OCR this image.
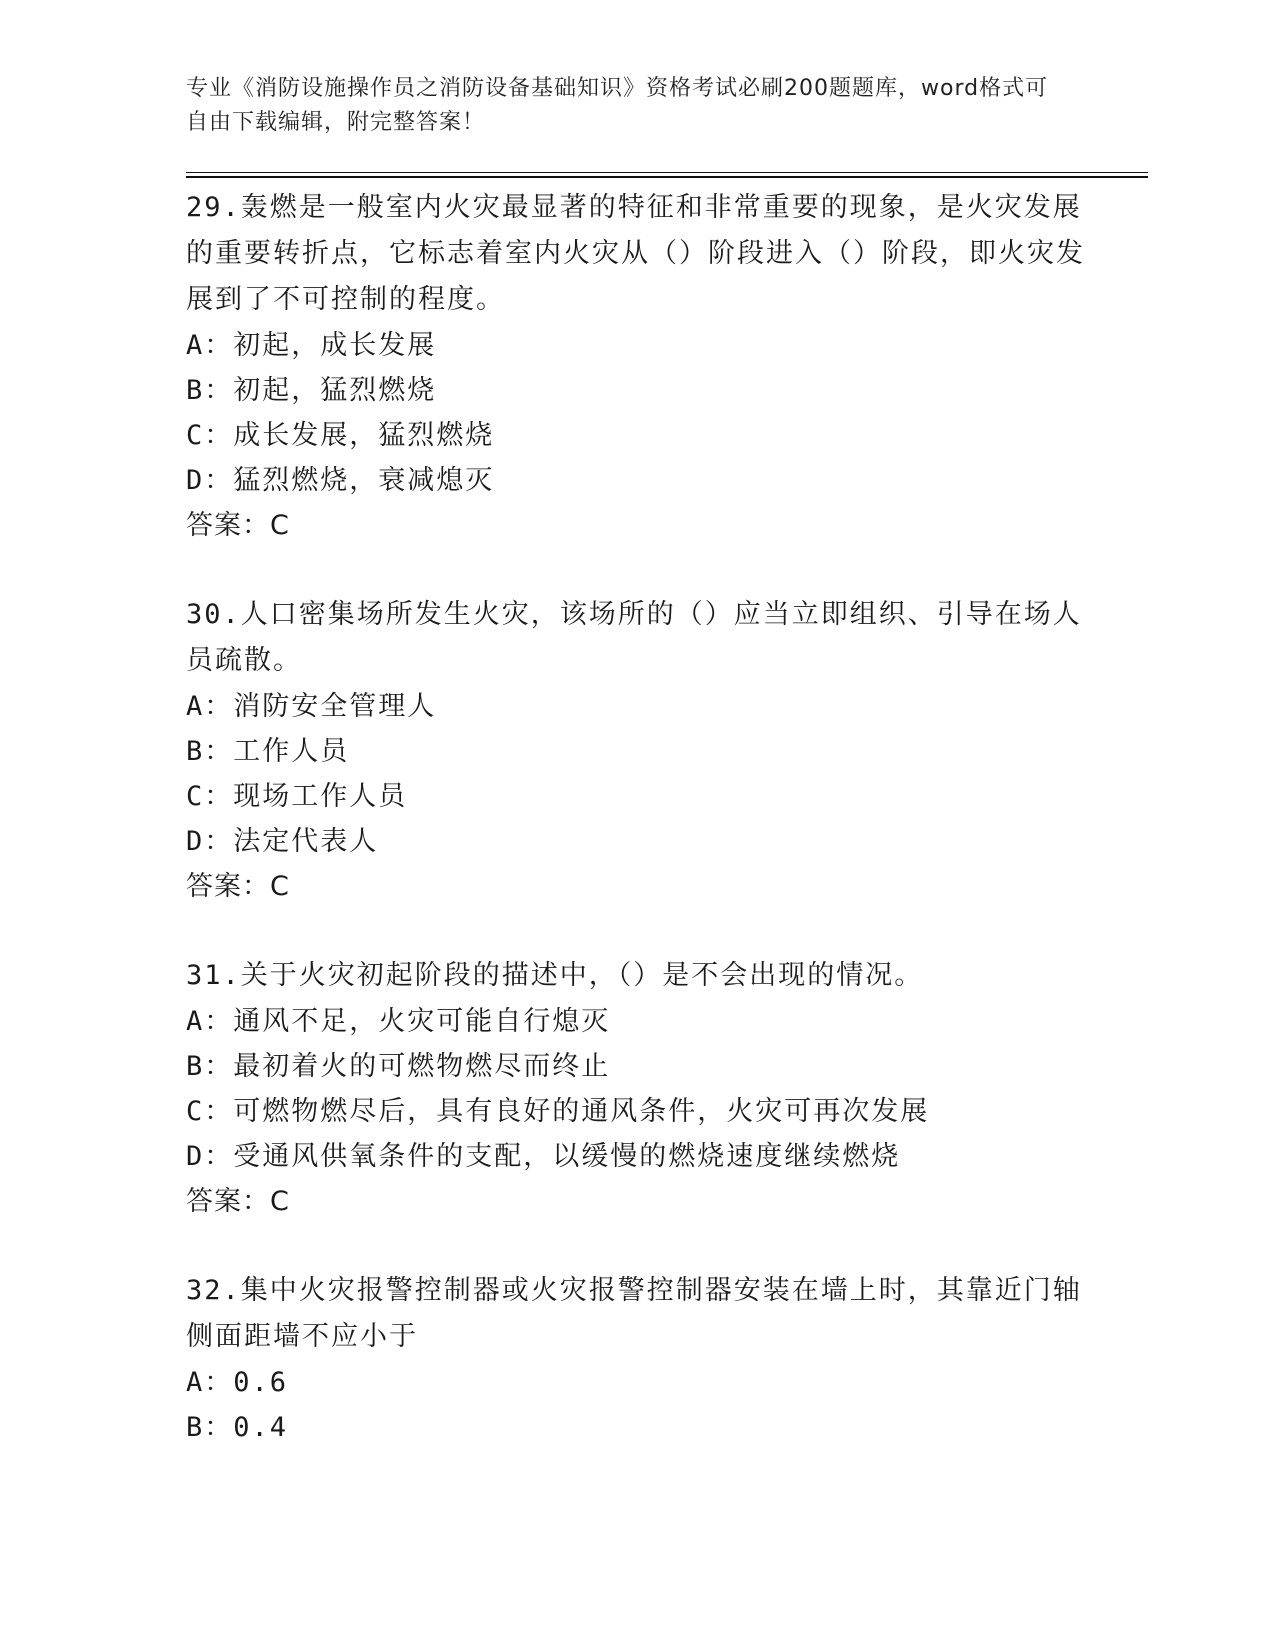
专业《消防设施操作员之消防设备基础知识》资格考试必刷200题题库，word格式可自由下载编辑，附完整答案！

29.轰燃是一般室内火灾最显著的特征和非常重要的现象，是火灾发展的重要转折点，它标志着室内火灾从（）阶段进入（）阶段，即火灾发展到了不可控制的程度。

A：初起，成长发展

B：初起，猛烈燃烧

C：成长发展，猛烈燃烧

D：猛烈燃烧，衰减熄灭

答案：C

30.人口密集场所发生火灾，该场所的（）应当立即组织、引导在场人员疏散。

A：消防安全管理人

B：工作人员

C：现场工作人员

D：法定代表人

答案：C

31.关于火灾初起阶段的描述中，（）是不会出现的情况。

A：通风不足，火灾可能自行熄灭

B：最初着火的可燃物燃尽而终止

C：可燃物燃尽后，具有良好的通风条件，火灾可再次发展

D：受通风供氧条件的支配，以缓慢的燃烧速度继续燃烧

答案：C

32.集中火灾报警控制器或火灾报警控制器安装在墙上时，其靠近门轴侧面距墙不应小于

A：0.6

B：0.4
